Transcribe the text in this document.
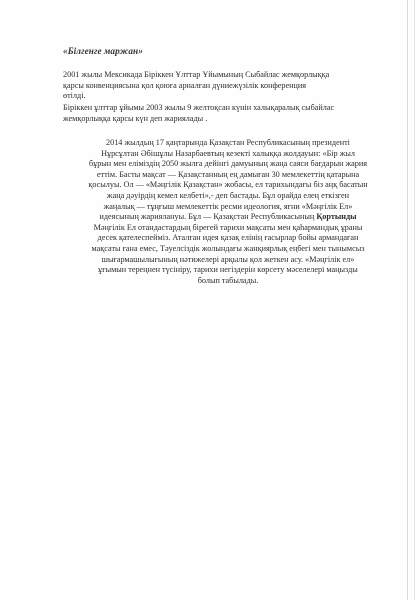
«Білгенге маржан»
2001 жылы Мексикада Біріккен Ұлттар Ұйымының Сыбайлас жемқорлыққа
қарсы конвенциясына қол қоюға арналған дүниежүзілік конференция
өтілді.
Біріккен ұлттар ұйымы 2003 жылы 9 желтоқсан күнін халықаралық сыбайлас
жемқорлыққа қарсы күн деп жариялады .
2014 жылдың 17 қаңтарында Қазақстан Республикасының президенті
Нұрсұлтан Әбішұлы Назарбаевтың кезекті халыққа жолдауын: «Бір жыл
бұрын мен еліміздің 2050 жылға дейінгі дамуының жаңа саяси бағдарын жария
еттім. Басты мақсат — Қазақстанның ең дамыған 30 мемлекеттің қатарына
қосылуы. Ол — «Мәңгілік Қазақстан» жобасы, ел тарихындағы біз аңқ басатын
жаңа дәуірдің кемел келбеті»,- деп бастады. Бұл орайда елең еткізген
жаңалық — тұңғыш мемлекеттік ресми идеология, яғни «Мәңгілік Ел»
идеясының жариялануы. Бұл — Қазақстан Республикасының Қортынды
Мәңгілік Ел отандастардың бірегей тарихи мақсаты мен қаһармандық ұраны
десек қателеспейміз. Аталған идея қазақ елінің ғасырлар бойы армандаған
мақсаты ғана емес, Тәуелсіздік жолындағы жанқиярлық еңбегі мен тынымсыз
шығармашылығының нәтижелері арқылы қол жеткен асу. «Мәңгілік ел»
ұғымын тереңнен түсініру, тарихи негіздерін көрсету мәселелері маңызды
болып табылады.
